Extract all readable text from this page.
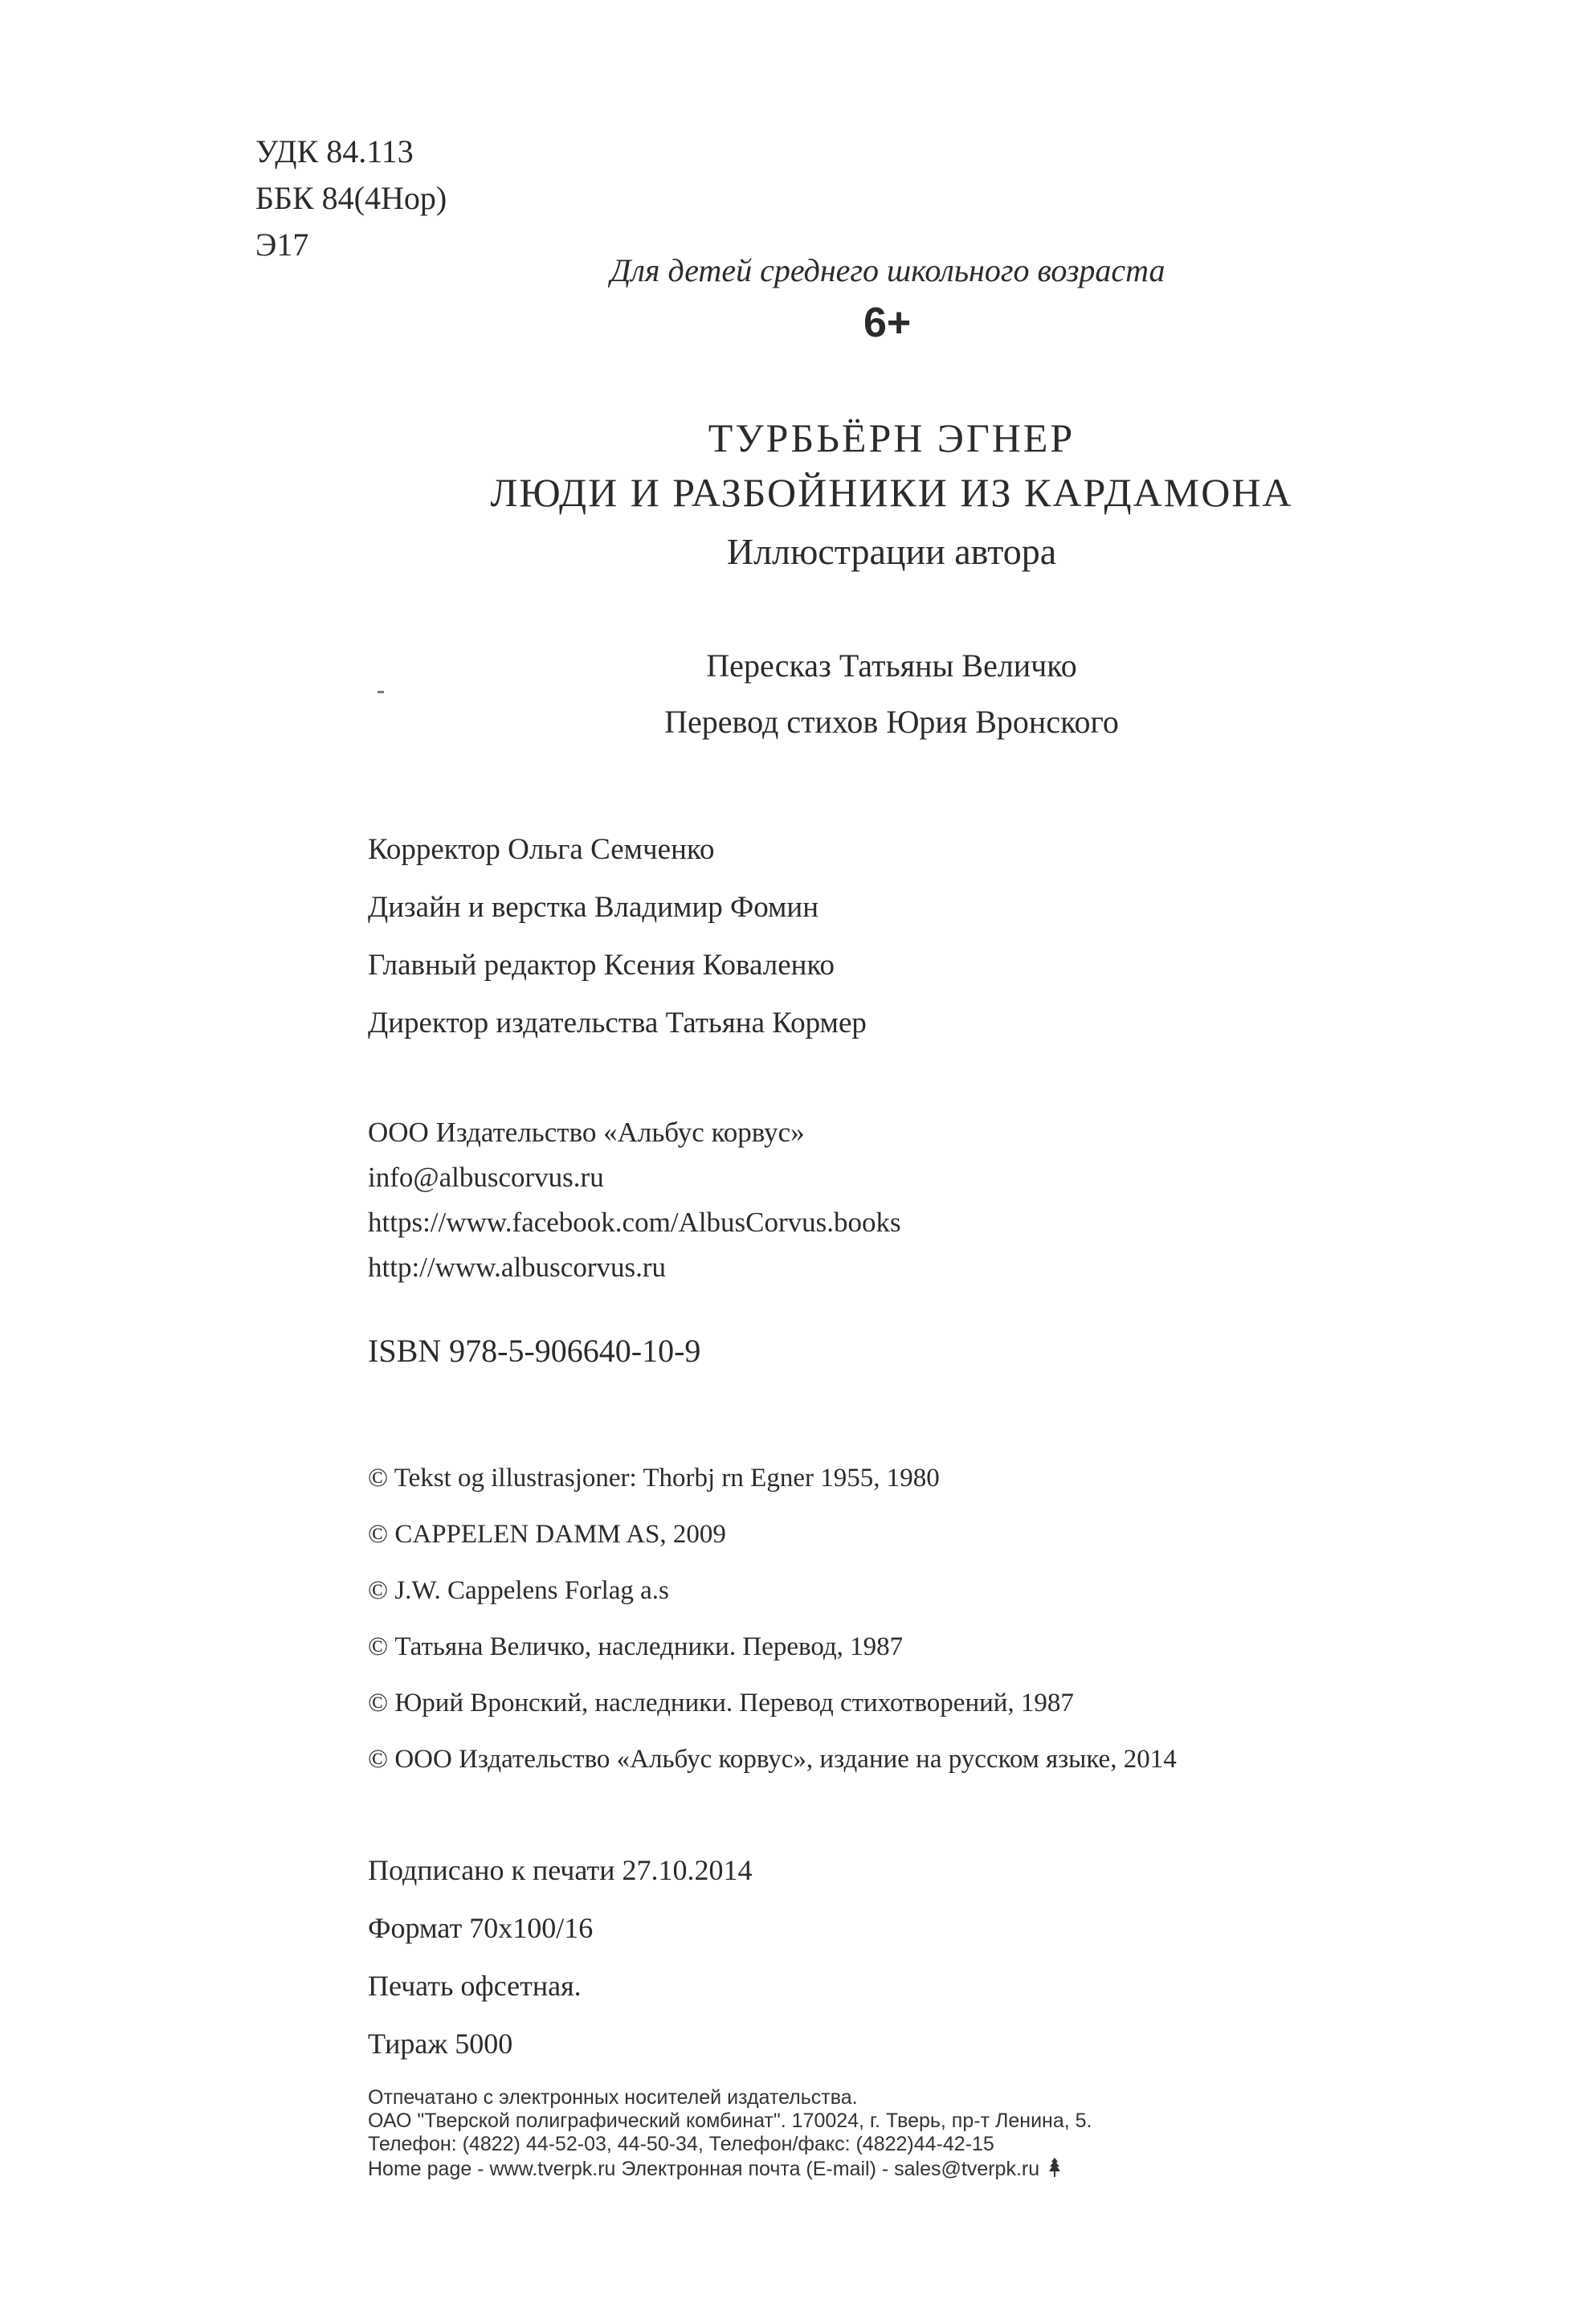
УДК 84.113
ББК 84(4Нор)
Э17
Для детей среднего школьного возраста
6+
ТУРБЬЁРН ЭГНЕР
ЛЮДИ И РАЗБОЙНИКИ ИЗ КАРДАМОНА
Иллюстрации автора
Пересказ Татьяны Величко
Перевод стихов Юрия Вронского
Корректор Ольга Семченко
Дизайн и верстка Владимир Фомин
Главный редактор Ксения Коваленко
Директор издательства Татьяна Кормер
ООО Издательство «Альбус корвус»
info@albuscorvus.ru
https://www.facebook.com/AlbusCorvus.books
http://www.albuscorvus.ru
ISBN 978-5-906640-10-9
© Tekst og illustrasjoner: Thorbj rn Egner 1955, 1980
© CAPPELEN DAMM AS, 2009
© J.W. Cappelens Forlag a.s
© Татьяна Величко, наследники. Перевод, 1987
© Юрий Вронский, наследники. Перевод стихотворений, 1987
© ООО Издательство «Альбус корвус», издание на русском языке, 2014
Подписано к печати 27.10.2014
Формат 70x100/16
Печать офсетная.
Тираж 5000
Отпечатано с электронных носителей издательства.
ОАО "Тверской полиграфический комбинат". 170024, г. Тверь, пр-т Ленина, 5.
Телефон: (4822) 44-52-03, 44-50-34, Телефон/факс: (4822)44-42-15
Home page - www.tverpk.ru Электронная почта (E-mail) - sales@tverpk.ru
